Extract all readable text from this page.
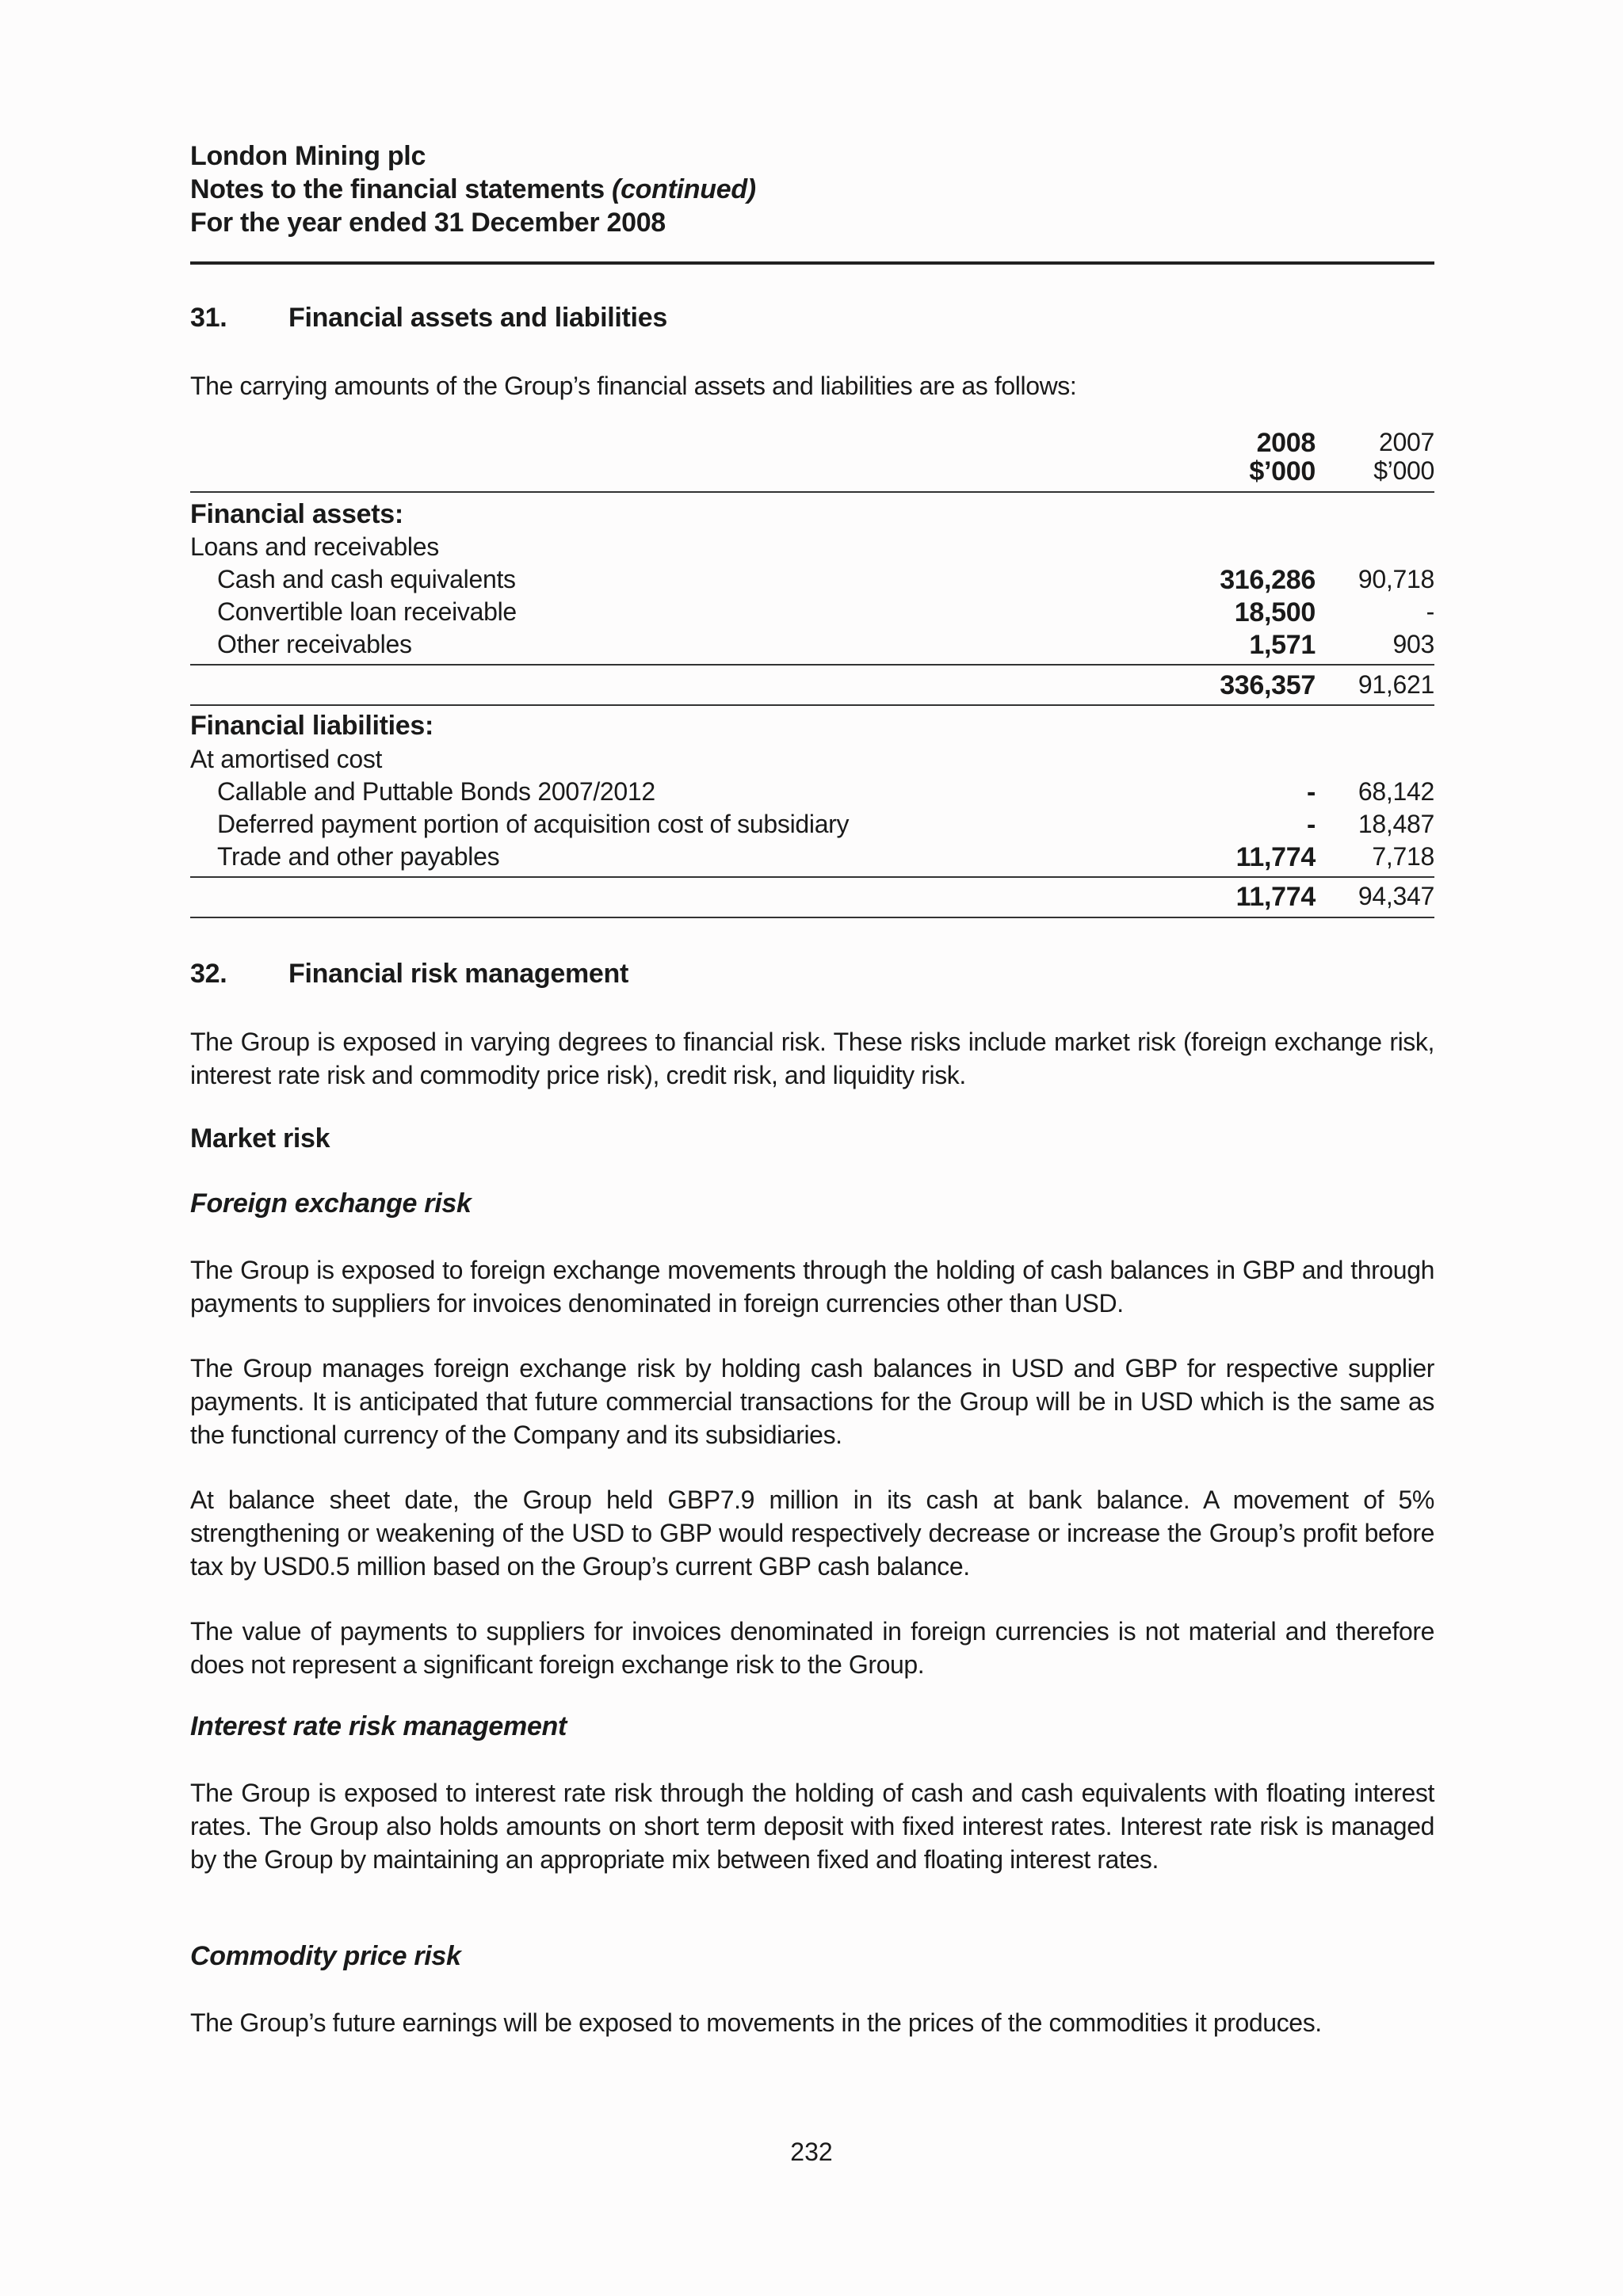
London Mining plc
Notes to the financial statements (continued)
For the year ended 31 December 2008
31. Financial assets and liabilities
The carrying amounts of the Group’s financial assets and liabilities are as follows:
2008	2007
$’000 $’000
Financial assets:
Loans and receivables
Cash and cash equivalents	316,286 90,718
Convertible loan receivable	18,500	-
Other receivables	1,571	903
336,357 91,621
Financial liabilities:
At amortised cost
Callable and Puttable Bonds 2007/2012	- 68,142
Deferred payment portion of acquisition cost of subsidiary	- 18,487
Trade and other payables	11,774 7,718
11,774 94,347
32. Financial risk management
The Group is exposed in varying degrees to financial risk. These risks include market risk (foreign exchange risk, interest rate risk and commodity price risk), credit risk, and liquidity risk.
Market risk
Foreign exchange risk
The Group is exposed to foreign exchange movements through the holding of cash balances in GBP and through payments to suppliers for invoices denominated in foreign currencies other than USD.
The Group manages foreign exchange risk by holding cash balances in USD and GBP for respective supplier payments. It is anticipated that future commercial transactions for the Group will be in USD which is the same as the functional currency of the Company and its subsidiaries.
At balance sheet date, the Group held GBP7.9 million in its cash at bank balance. A movement of 5% strengthening or weakening of the USD to GBP would respectively decrease or increase the Group’s profit before tax by USD0.5 million based on the Group’s current GBP cash balance.
The value of payments to suppliers for invoices denominated in foreign currencies is not material and therefore does not represent a significant foreign exchange risk to the Group.
Interest rate risk management
The Group is exposed to interest rate risk through the holding of cash and cash equivalents with floating interest rates. The Group also holds amounts on short term deposit with fixed interest rates. Interest rate risk is managed by the Group by maintaining an appropriate mix between fixed and floating interest rates.
Commodity price risk
The Group’s future earnings will be exposed to movements in the prices of the commodities it produces.
232
